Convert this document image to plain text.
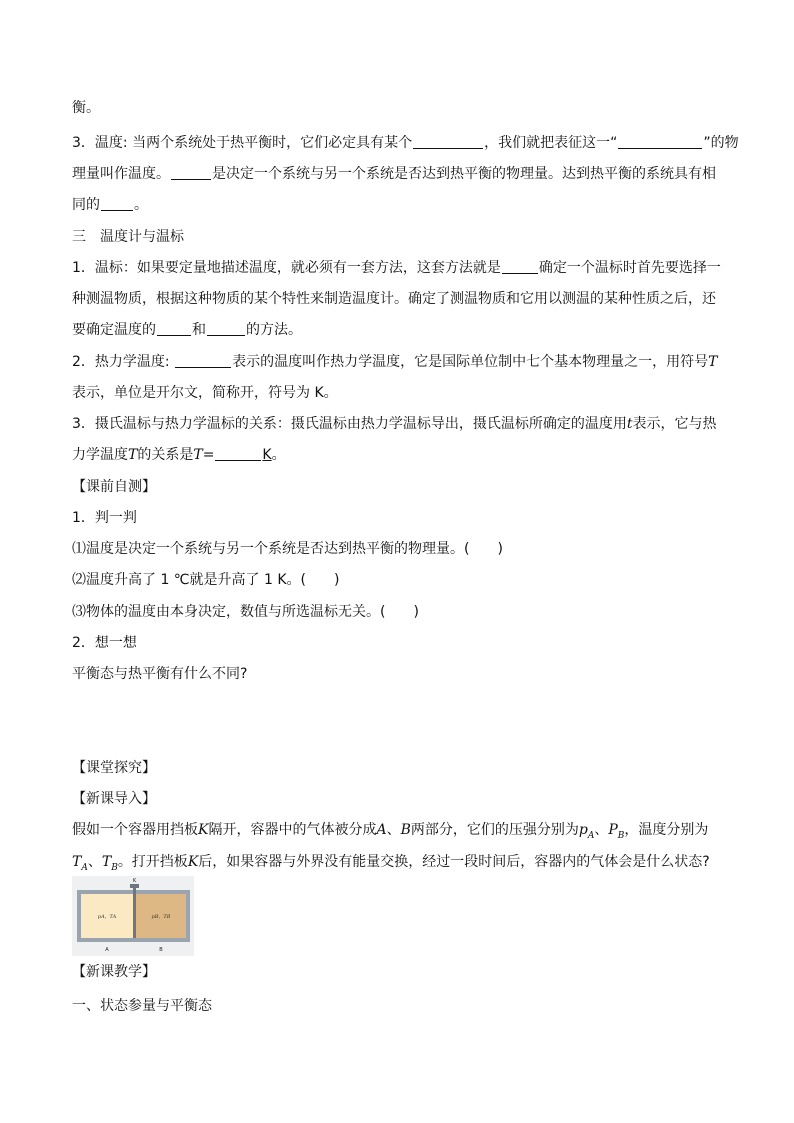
衡。
3．温度: 当两个系统处于热平衡时，它们必定具有某个	，我们就把表征这一“	”的物
理量叫作温度。	是决定一个系统与另一个系统是否达到热平衡的物理量。达到热平衡的系统具有相
同的 。
三　温度计与温标
1．温标：如果要定量地描述温度，就必须有一套方法，这套方法就是	确定一个温标时首先要选择一
种测温物质，根据这种物质的某个特性来制造温度计。确定了测温物质和它用以测温的某种性质之后，还
要确定温度的	和	的方法。
2．热力学温度:	表示的温度叫作热力学温度，它是国际单位制中七个基本物理量之一，用符号T
表示，单位是开尔文，简称开，符号为 K。
3．摄氏温标与热力学温标的关系：摄氏温标由热力学温标导出，摄氏温标所确定的温度用t表示，它与热
力学温度T的关系是T=	K。
【课前自测】
1．判一判
⑴温度是决定一个系统与另一个系统是否达到热平衡的物理量。(　　)
⑵温度升高了 1 ℃就是升高了 1 K。(　　)
⑶物体的温度由本身决定，数值与所选温标无关。(　　)
2．想一想
平衡态与热平衡有什么不同?
【课堂探究】
【新课导入】
假如一个容器用挡板K隔开，容器中的气体被分成A、B两部分，它们的压强分别为$p_A$、$P_B$，温度分别为
$T_A$、$T_B$。打开挡板K后，如果容器与外界没有能量交换，经过一段时间后，容器内的气体会是什么状态?
K
pA，TA	pB，TB
A	B
【新课教学】
一、状态参量与平衡态
